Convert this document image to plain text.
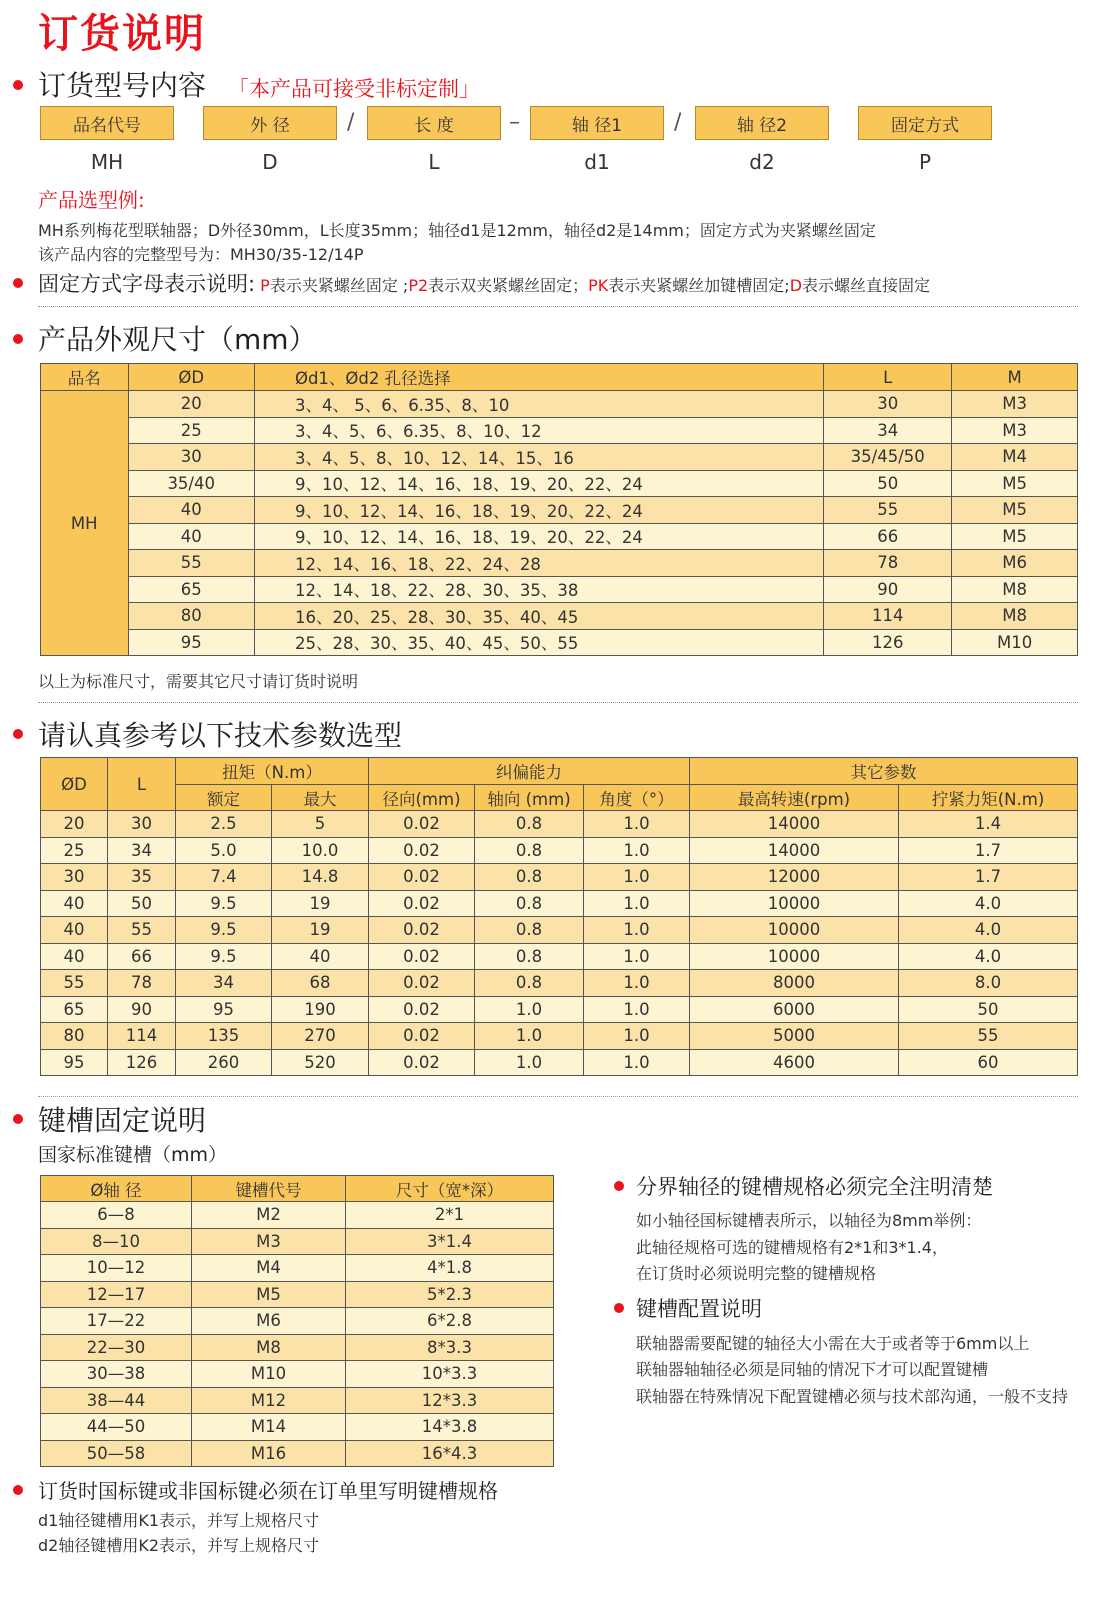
订货说明
订货型号内容 「本产品可接受非标定制」
品名代号	外 径	长 度	轴 径1	轴 径2	固定方式
/	–	/
MH	D	L	d1	d2	P
产品选型例:
MH系列梅花型联轴器；D外径30mm，L长度35mm；轴径d1是12mm，轴径d2是14mm；固定方式为夹紧螺丝固定
该产品内容的完整型号为：MH30/35-12/14P
固定方式字母表示说明: P表示夹紧螺丝固定 ;P2表示双夹紧螺丝固定；PK表示夹紧螺丝加键槽固定;D表示螺丝直接固定
产品外观尺寸（mm）
品名	ØD	Ød1、Ød2 孔径选择	L	M
MH	20	3、4、 5、6、6.35、8、10	30	M3
	25	3、4、5、6、6.35、8、10、12	34	M3
	30	3、4、5、8、10、12、14、15、16	35/45/50	M4
	35/40	9、10、12、14、16、18、19、20、22、24	50	M5
	40	9、10、12、14、16、18、19、20、22、24	55	M5
	40	9、10、12、14、16、18、19、20、22、24	66	M5
	55	12、14、16、18、22、24、28	78	M6
	65	12、14、18、22、28、30、35、38	90	M8
	80	16、20、25、28、30、35、40、45	114	M8
	95	25、28、30、35、40、45、50、55	126	M10
以上为标准尺寸，需要其它尺寸请订货时说明
请认真参考以下技术参数选型
ØD	L	扭矩（N.m）		纠偏能力			其它参数	
		额定	最大	径向(mm)	轴向 (mm)	角度（°）	最高转速(rpm)	拧紧力矩(N.m)
20	30	2.5	5	0.02	0.8	1.0	14000	1.4
25	34	5.0	10.0	0.02	0.8	1.0	14000	1.7
30	35	7.4	14.8	0.02	0.8	1.0	12000	1.7
40	50	9.5	19	0.02	0.8	1.0	10000	4.0
40	55	9.5	19	0.02	0.8	1.0	10000	4.0
40	66	9.5	40	0.02	0.8	1.0	10000	4.0
55	78	34	68	0.02	0.8	1.0	8000	8.0
65	90	95	190	0.02	1.0	1.0	6000	50
80	114	135	270	0.02	1.0	1.0	5000	55
95	126	260	520	0.02	1.0	1.0	4600	60
键槽固定说明
国家标准键槽（mm）
Ø轴 径	键槽代号	尺寸（宽*深）
6—8	M2	2*1
8—10	M3	3*1.4
10—12	M4	4*1.8
12—17	M5	5*2.3
17—22	M6	6*2.8
22—30	M8	8*3.3
30—38	M10	10*3.3
38—44	M12	12*3.3
44—50	M14	14*3.8
50—58	M16	16*4.3
分界轴径的键槽规格必须完全注明清楚
如小轴径国标键槽表所示，以轴径为8mm举例：
此轴径规格可选的键槽规格有2*1和3*1.4，
在订货时必须说明完整的键槽规格
键槽配置说明
联轴器需要配键的轴径大小需在大于或者等于6mm以上
联轴器轴轴径必须是同轴的情况下才可以配置键槽
联轴器在特殊情况下配置键槽必须与技术部沟通，一般不支持
订货时国标键或非国标键必须在订单里写明键槽规格
d1轴径键槽用K1表示，并写上规格尺寸
d2轴径键槽用K2表示，并写上规格尺寸
